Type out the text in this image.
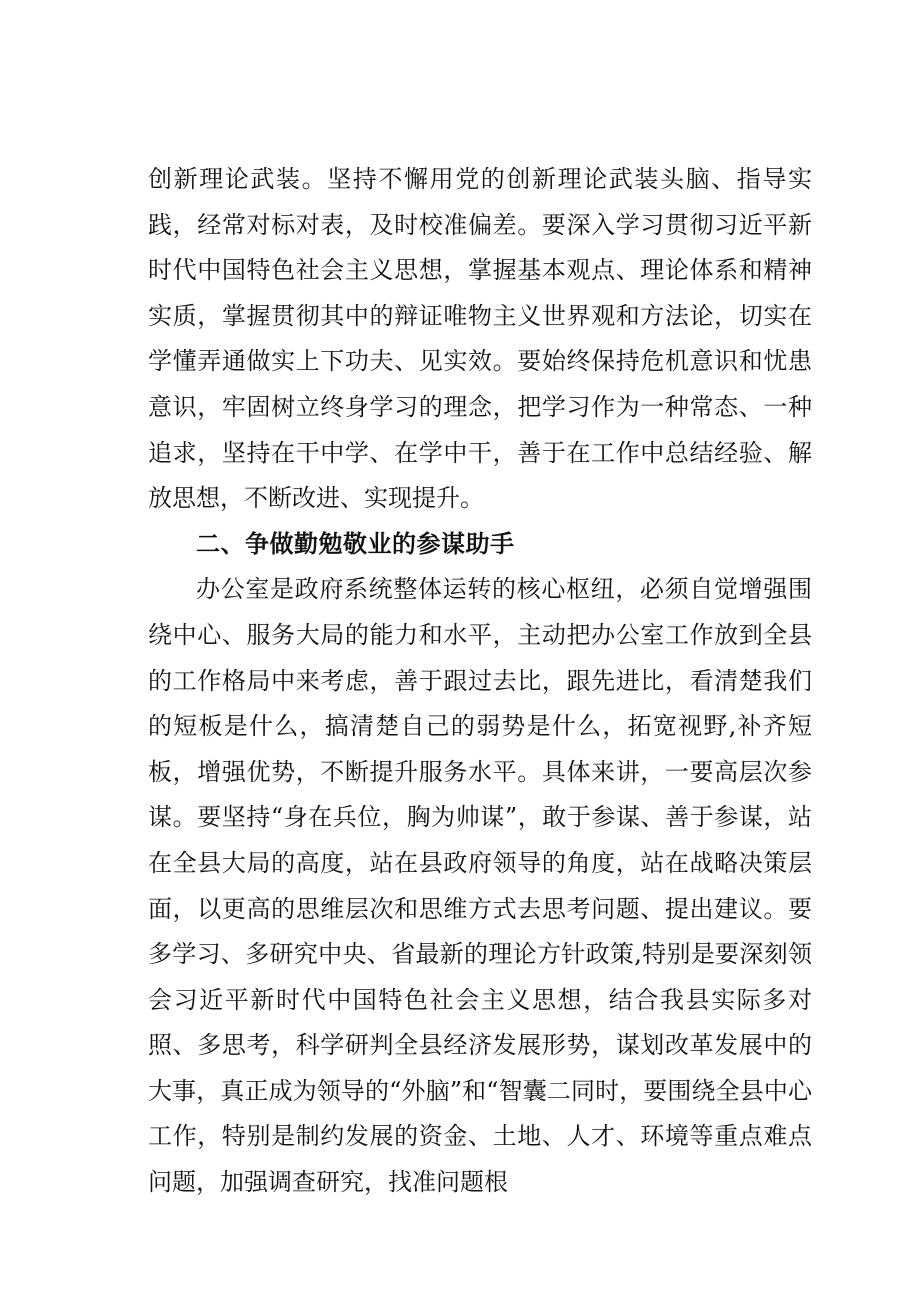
创新理论武装。坚持不懈用党的创新理论武装头脑、指导实践，经常对标对表，及时校准偏差。要深入学习贯彻习近平新时代中国特色社会主义思想，掌握基本观点、理论体系和精神实质，掌握贯彻其中的辩证唯物主义世界观和方法论，切实在学懂弄通做实上下功夫、见实效。要始终保持危机意识和忧患意识，牢固树立终身学习的理念，把学习作为一种常态、一种追求，坚持在干中学、在学中干，善于在工作中总结经验、解放思想，不断改进、实现提升。

二、争做勤勉敬业的参谋助手

办公室是政府系统整体运转的核心枢纽，必须自觉增强围绕中心、服务大局的能力和水平，主动把办公室工作放到全县的工作格局中来考虑，善于跟过去比，跟先进比，看清楚我们的短板是什么，搞清楚自己的弱势是什么，拓宽视野,补齐短板，增强优势，不断提升服务水平。具体来讲，一要高层次参谋。要坚持“身在兵位，胸为帅谋”，敢于参谋、善于参谋，站在全县大局的高度，站在县政府领导的角度，站在战略决策层面，以更高的思维层次和思维方式去思考问题、提出建议。要多学习、多研究中央、省最新的理论方针政策,特别是要深刻领会习近平新时代中国特色社会主义思想，结合我县实际多对照、多思考，科学研判全县经济发展形势，谋划改革发展中的大事，真正成为领导的“外脑”和“智囊二同时，要围绕全县中心工作，特别是制约发展的资金、土地、人才、环境等重点难点问题，加强调查研究，找准问题根
